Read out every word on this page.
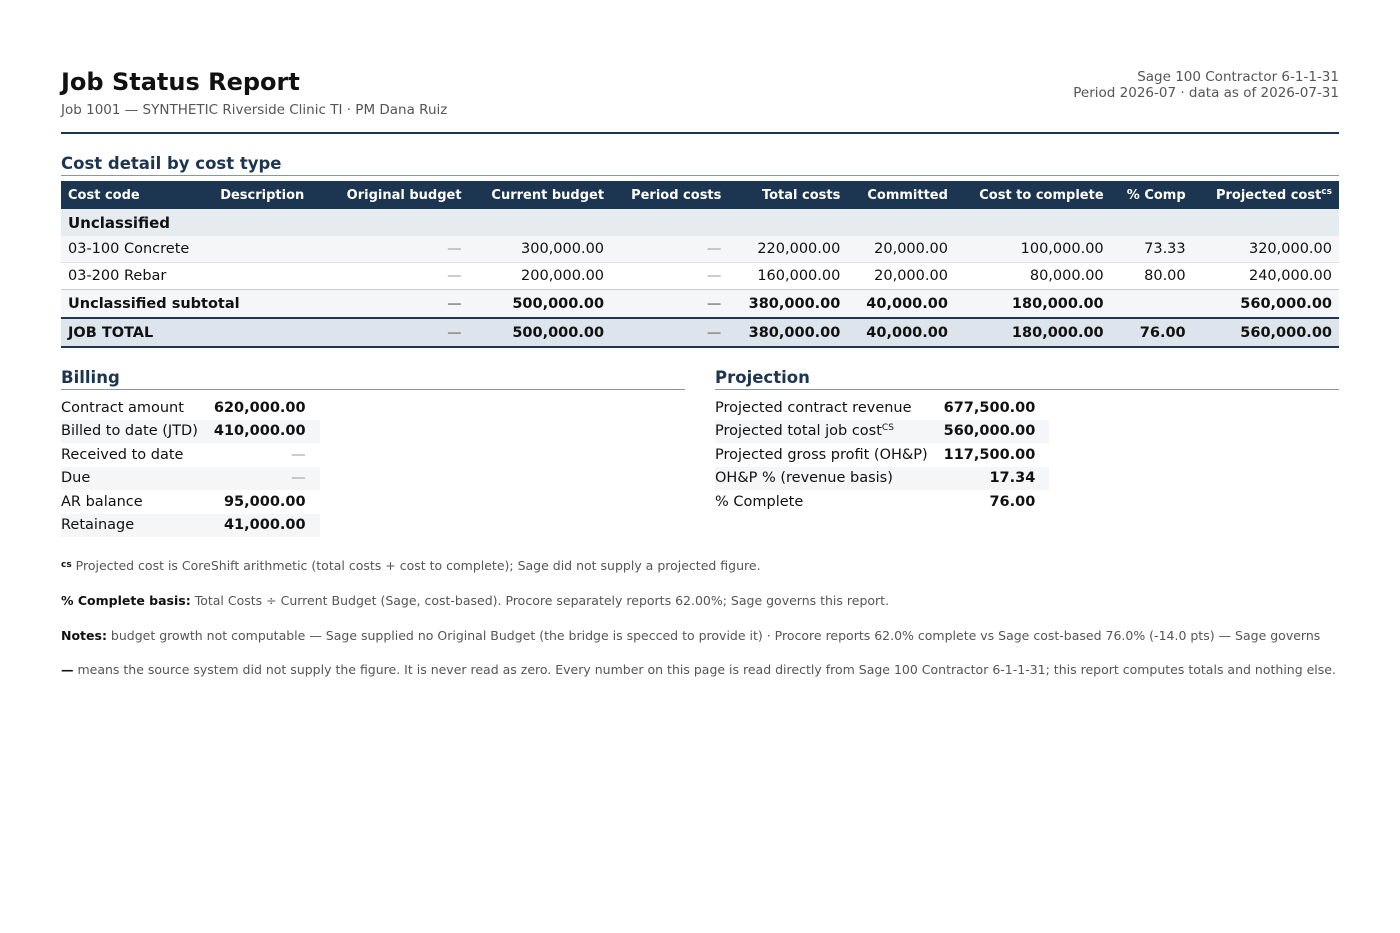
Job Status Report
Job 1001 — SYNTHETIC Riverside Clinic TI · PM Dana Ruiz
Sage 100 Contractor 6-1-1-31
Period 2026-07 · data as of 2026-07-31
Cost detail by cost type
Cost code	Description	Original budget	Current budget	Period costs	Total costs	Committed	Cost to complete	% Comp	Projected cost$^{cs}$
Unclassified									
03-100 Concrete		—	300,000.00	—	220,000.00	20,000.00	100,000.00	73.33	320,000.00
03-200 Rebar		—	200,000.00	—	160,000.00	20,000.00	80,000.00	80.00	240,000.00
Unclassified subtotal		—	500,000.00	—	380,000.00	40,000.00	180,000.00		560,000.00
JOB TOTAL		—	500,000.00	—	380,000.00	40,000.00	180,000.00	76.00	560,000.00
Billing
Contract amount	620,000.00
Billed to date (JTD)	410,000.00
Received to date	—
Due	—
AR balance	95,000.00
Retainage	41,000.00
Projection
Projected contract revenue	677,500.00
Projected total job cost$^{CS}$	560,000.00
Projected gross profit (OH&P)	117,500.00
OH&P % (revenue basis)	17.34
% Complete	76.00

$^{cs}$ Projected cost is CoreShift arithmetic (total costs + cost to complete); Sage did not supply a projected figure.

% Complete basis: Total Costs ÷ Current Budget (Sage, cost-based). Procore separately reports 62.00%; Sage governs this report.

Notes: budget growth not computable — Sage supplied no Original Budget (the bridge is specced to provide it) · Procore reports 62.0% complete vs Sage cost-based 76.0% (-14.0 pts) — Sage governs

— means the source system did not supply the figure. It is never read as zero. Every number on this page is read directly from Sage 100 Contractor 6-1-1-31; this report computes totals and nothing else.
